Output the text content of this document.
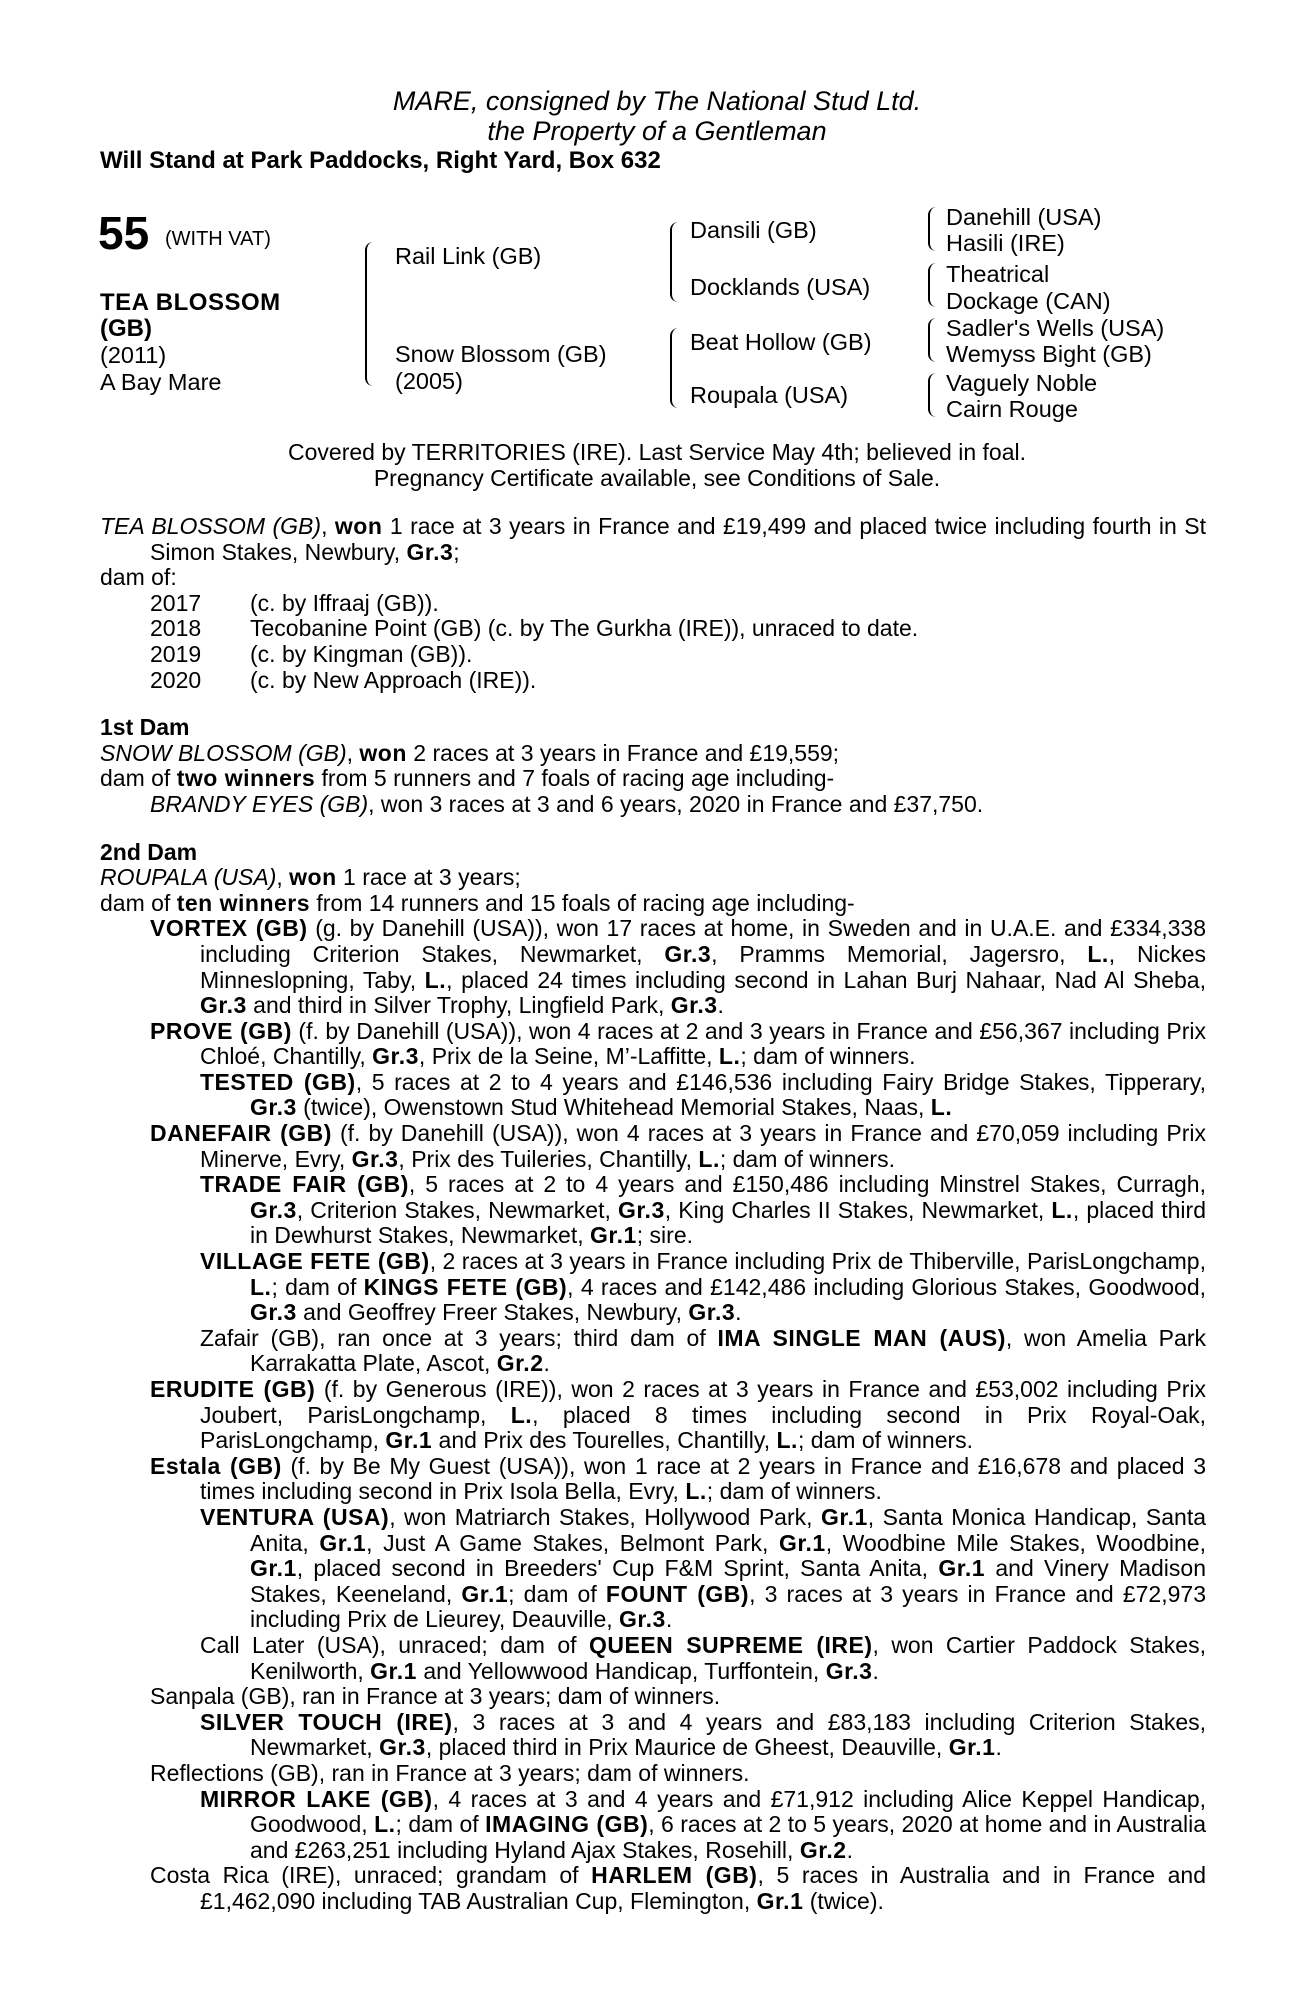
MARE, consigned by The National Stud Ltd.
the Property of a Gentleman
Will Stand at Park Paddocks, Right Yard, Box 632
55 (WITH VAT)
TEA BLOSSOM
(GB)
(2011)
A Bay Mare
Rail Link (GB)
Snow Blossom (GB)
(2005)
Dansili (GB)
Docklands (USA)
Beat Hollow (GB)
Roupala (USA)
Danehill (USA)
Hasili (IRE)
Theatrical
Dockage (CAN)
Sadler's Wells (USA)
Wemyss Bight (GB)
Vaguely Noble
Cairn Rouge
Covered by TERRITORIES (IRE). Last Service May 4th; believed in foal.
Pregnancy Certificate available, see Conditions of Sale.

TEA BLOSSOM (GB), won 1 race at 3 years in France and £19,499 and placed twice including fourth in St Simon Stakes, Newbury, Gr.3;

dam of:

2017	(c. by Iffraaj (GB)).
2018	Tecobanine Point (GB) (c. by The Gurkha (IRE)), unraced to date.
2019	(c. by Kingman (GB)).
2020	(c. by New Approach (IRE)).
1st Dam

SNOW BLOSSOM (GB), won 2 races at 3 years in France and £19,559;

dam of two winners from 5 runners and 7 foals of racing age including-

BRANDY EYES (GB), won 3 races at 3 and 6 years, 2020 in France and £37,750.

2nd Dam

ROUPALA (USA), won 1 race at 3 years;

dam of ten winners from 14 runners and 15 foals of racing age including-

VORTEX (GB) (g. by Danehill (USA)), won 17 races at home, in Sweden and in U.A.E. and £334,338 including Criterion Stakes, Newmarket, Gr.3, Pramms Memorial, Jagersro, L., Nickes Minneslopning, Taby, L., placed 24 times including second in Lahan Burj Nahaar, Nad Al Sheba, Gr.3 and third in Silver Trophy, Lingfield Park, Gr.3.

PROVE (GB) (f. by Danehill (USA)), won 4 races at 2 and 3 years in France and £56,367 including Prix Chloé, Chantilly, Gr.3, Prix de la Seine, M’-Laffitte, L.; dam of winners.

TESTED (GB), 5 races at 2 to 4 years and £146,536 including Fairy Bridge Stakes, Tipperary, Gr.3 (twice), Owenstown Stud Whitehead Memorial Stakes, Naas, L.

DANEFAIR (GB) (f. by Danehill (USA)), won 4 races at 3 years in France and £70,059 including Prix Minerve, Evry, Gr.3, Prix des Tuileries, Chantilly, L.; dam of winners.

TRADE FAIR (GB), 5 races at 2 to 4 years and £150,486 including Minstrel Stakes, Curragh, Gr.3, Criterion Stakes, Newmarket, Gr.3, King Charles II Stakes, Newmarket, L., placed third in Dewhurst Stakes, Newmarket, Gr.1; sire.

VILLAGE FETE (GB), 2 races at 3 years in France including Prix de Thiberville, ParisLongchamp, L.; dam of KINGS FETE (GB), 4 races and £142,486 including Glorious Stakes, Goodwood, Gr.3 and Geoffrey Freer Stakes, Newbury, Gr.3.

Zafair (GB), ran once at 3 years; third dam of IMA SINGLE MAN (AUS), won Amelia Park Karrakatta Plate, Ascot, Gr.2.

ERUDITE (GB) (f. by Generous (IRE)), won 2 races at 3 years in France and £53,002 including Prix Joubert, ParisLongchamp, L., placed 8 times including second in Prix Royal-Oak, ParisLongchamp, Gr.1 and Prix des Tourelles, Chantilly, L.; dam of winners.

Estala (GB) (f. by Be My Guest (USA)), won 1 race at 2 years in France and £16,678 and placed 3 times including second in Prix Isola Bella, Evry, L.; dam of winners.

VENTURA (USA), won Matriarch Stakes, Hollywood Park, Gr.1, Santa Monica Handicap, Santa Anita, Gr.1, Just A Game Stakes, Belmont Park, Gr.1, Woodbine Mile Stakes, Woodbine, Gr.1, placed second in Breeders' Cup F&M Sprint, Santa Anita, Gr.1 and Vinery Madison Stakes, Keeneland, Gr.1; dam of FOUNT (GB), 3 races at 3 years in France and £72,973 including Prix de Lieurey, Deauville, Gr.3.

Call Later (USA), unraced; dam of QUEEN SUPREME (IRE), won Cartier Paddock Stakes, Kenilworth, Gr.1 and Yellowwood Handicap, Turffontein, Gr.3.

Sanpala (GB), ran in France at 3 years; dam of winners.

SILVER TOUCH (IRE), 3 races at 3 and 4 years and £83,183 including Criterion Stakes, Newmarket, Gr.3, placed third in Prix Maurice de Gheest, Deauville, Gr.1.

Reflections (GB), ran in France at 3 years; dam of winners.

MIRROR LAKE (GB), 4 races at 3 and 4 years and £71,912 including Alice Keppel Handicap, Goodwood, L.; dam of IMAGING (GB), 6 races at 2 to 5 years, 2020 at home and in Australia and £263,251 including Hyland Ajax Stakes, Rosehill, Gr.2.

Costa Rica (IRE), unraced; grandam of HARLEM (GB), 5 races in Australia and in France and £1,462,090 including TAB Australian Cup, Flemington, Gr.1 (twice).
